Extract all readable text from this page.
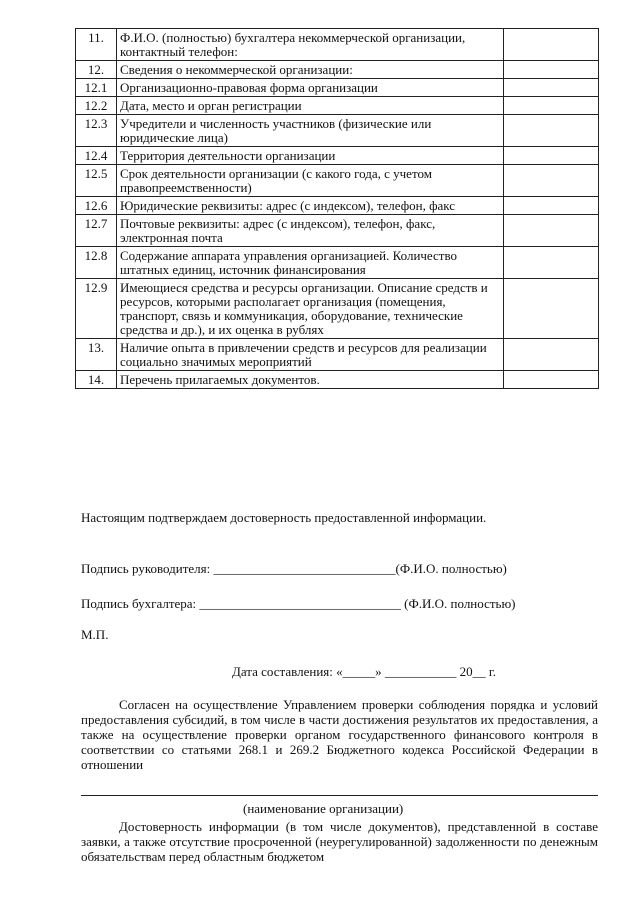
11.	Ф.И.О. (полностью) бухгалтера некоммерческой организации, контактный телефон:	
12.	Сведения о некоммерческой организации:	
12.1	Организационно-правовая форма организации	
12.2	Дата, место и орган регистрации	
12.3	Учредители и численность участников (физические или юридические лица)	
12.4	Территория деятельности организации	
12.5	Срок деятельности организации (с какого года, с учетом правопреемственности)	
12.6	Юридические реквизиты: адрес (с индексом), телефон, факс	
12.7	Почтовые реквизиты: адрес (с индексом), телефон, факс, электронная почта	
12.8	Содержание аппарата управления организацией. Количество штатных единиц, источник финансирования	
12.9	Имеющиеся средства и ресурсы организации. Описание средств и ресурсов, которыми располагает организация (помещения, транспорт, связь и коммуникация, оборудование, технические средства и др.), и их оценка в рублях	
13.	Наличие опыта в привлечении средств и ресурсов для реализации социально значимых мероприятий	
14.	Перечень прилагаемых документов.	
Настоящим подтверждаем достоверность предоставленной информации.
Подпись руководителя: ____________________________(Ф.И.О. полностью)
Подпись бухгалтера: _______________________________ (Ф.И.О. полностью)
М.П.
Дата составления: «_____» ___________ 20__ г.
Согласен на осуществление Управлением проверки соблюдения порядка и условий предоставления субсидий, в том числе в части достижения результатов их предоставления, а также на осуществление проверки органом государственного финансового контроля в соответствии со статьями 268.1 и 269.2 Бюджетного кодекса Российской Федерации в отношении
(наименование организации)
Достоверность информации (в том числе документов), представленной в составе заявки, а также отсутствие просроченной (неурегулированной) задолженности по денежным обязательствам перед областным бюджетом
